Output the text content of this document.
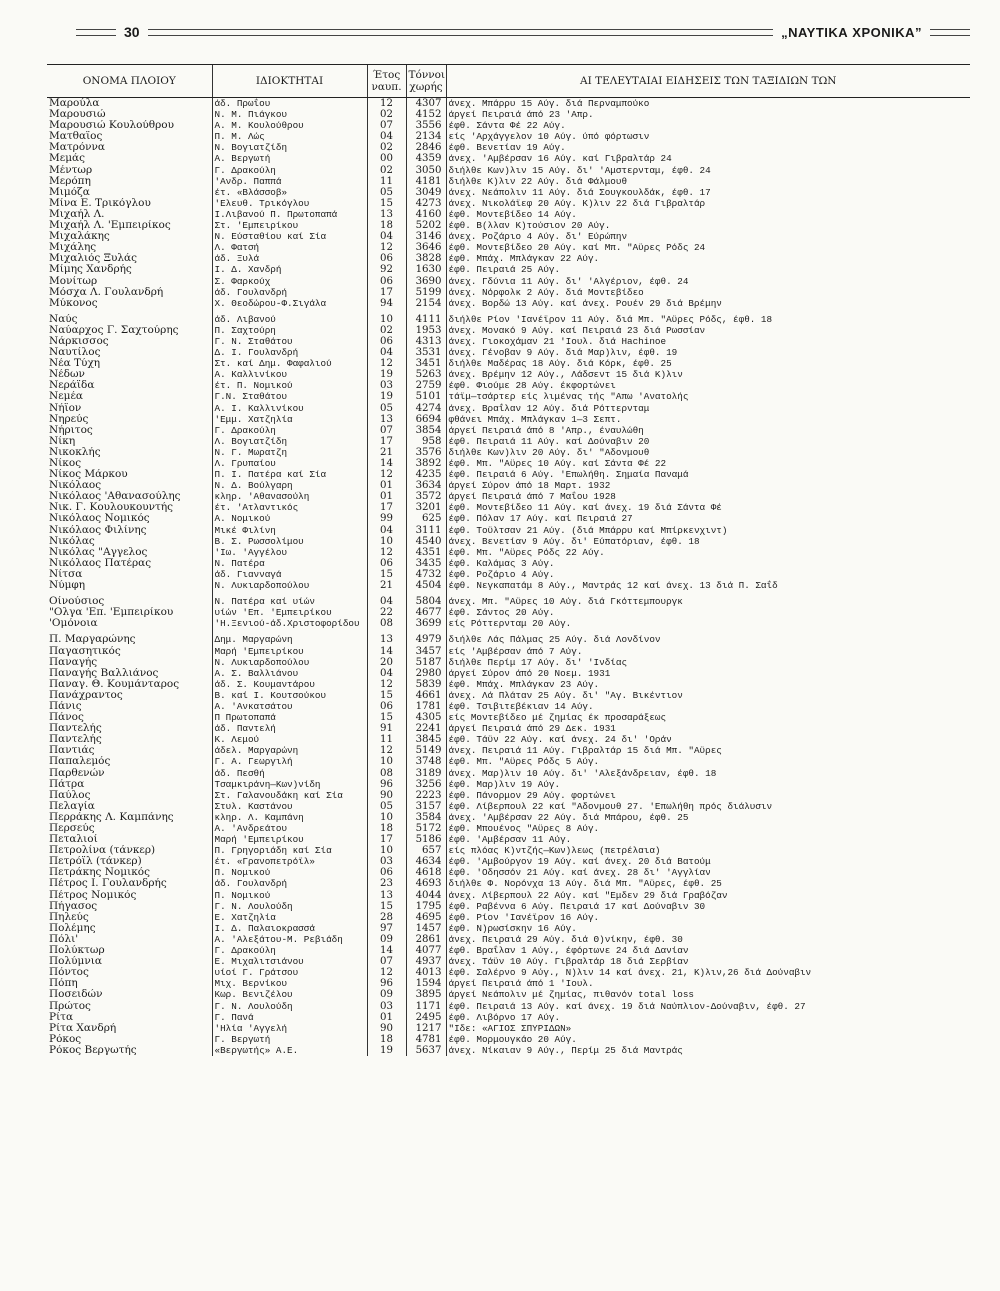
30	„ΝΑΥΤΙΚΑ ΧΡΟΝΙΚΑ”
ΟΝΟΜΑ ΠΛΟΙΟΥ	ΙΔΙΟΚΤΗΤΑΙ	Έτος
ναυπ.	Τόννοι
χωρής	ΑΙ ΤΕΛΕΥΤΑΙΑΙ ΕΙΔΗΣΕΙΣ ΤΩΝ ΤΑΞΙΔΙΩΝ ΤΩΝ
Μαρούλα	άδ. Πρωΐου	12	4307	άνεχ. Μπάρρυ 15 Αύγ. διά Περναμπούκο
Μαρουσιώ	Ν. Μ. Πιάγκου	02	4152	άργεί Πειραιά άπό 23 'Απρ.
Μαρουσιώ Κουλούθρου	Α. Μ. Κουλούθρου	07	3556	έφθ. Σάντα Φέ 22 Αύγ.
Ματθαΐος	Π. Μ. Λώς	04	2134	είς 'Αρχάγγελον 10 Αύγ. ύπό φόρτωσιν
Ματρόννα	Ν. Βογιατζίδη	02	2846	έφθ. Βενετίαν 19 Αύγ.
Μεμάς	Α. Βεργωτή	00	4359	άνεχ. 'Αμβέρσαν 16 Αύγ. καί Γιβραλτάρ 24
Μέντωρ	Γ. Δρακούλη	02	3050	διήλθε Κων)λιν 15 Αύγ. δι' 'Αμστερνταμ, έφθ. 24
Μερόπη	'Ανδρ. Παππά	11	4181	διήλθε Κ)λιν 22 Αύγ. διά Φάλμουθ
Μιμόζα	έτ. «Βλάσσοβ»	05	3049	άνεχ. Νεάπολιν 11 Αύγ. διά Σουγκουλδάκ, έφθ. 17
Μίνα Ε. Τρικόγλου	'Ελευθ. Τρικόγλου	15	4273	άνεχ. Νικολάϊεφ 20 Αύγ. Κ)λιν 22 διά Γιβραλτάρ
Μιχαήλ Λ.	Ι.Λιβανού Π. Πρωτοπαπά	13	4160	έφθ. Μοντεβίδεο 14 Αύγ.
Μιχαήλ Λ. 'Εμπειρίκος	Στ. 'Εμπειρίκου	18	5202	έφθ. Β(λλαν Κ)τούσιον 20 Αύγ.
Μιχαλάκης	Ν. Εύσταθίου καί Σία	04	3146	άνεχ. Ροζάριο 4 Αύγ. δι' Εύρώπην
Μιχάλης	Λ. Φατσή	12	3646	έφθ. Μοντεβίδεο 20 Αύγ. καί Μπ. "Αϋρες Ρόδς 24
Μιχαλιός Ξυλάς	άδ. Ξυλά	06	3828	έφθ. Μπάχ. Μπλάγκαν 22 Αύγ.
Μίμης Χανδρής	Ι. Δ. Χανδρή	92	1630	έφθ. Πειραιά 25 Αύγ.
Μονίτωρ	Σ. Φαρκούχ	06	3690	άνεχ. Γδύνια 11 Αύγ. δι' 'Αλγέριον, έφθ. 24
Μόσχα Λ. Γουλανδρή	άδ. Γουλανδρή	17	5199	άνεχ. Νόρφολκ 2 Αύγ. διά Μοντεβίδεο
Μύκονος	Χ. Θεοδώρου-Φ.Σιγάλα	94	2154	άνεχ. Βορδώ 13 Αύγ. καί άνεχ. Ρουέν 29 διά Βρέμην

Ναύς	άδ. Λιβανού	10	4111	διήλθε Ρίον 'Ιανέϊρον 11 Αύγ. διά Μπ. "Αϋρες Ρόδς, έφθ. 18
Ναύαρχος Γ. Σαχτούρης	Π. Σαχτούρη	02	1953	άνεχ. Μονακό 9 Αύγ. καί Πειραιά 23 διά Ρωσσίαν
Νάρκισσος	Γ. Ν. Σταθάτου	06	4313	άνεχ. Γιοκοχάμαν 21 'Ιουλ. διά Hachinoe
Ναυτίλος	Δ. Ι. Γουλανδρή	04	3531	άνεχ. Γένοβαν 9 Αύγ. διά Μαρ)λιν, έφθ. 19
Νέα Τύχη	Στ. καί Δημ. Φαφαλιού	12	3451	διήλθε Μαδέρας 18 Αύγ. διά Κόρκ, έφθ. 25
Νέδων	Α. Καλλινίκου	19	5263	άνεχ. Βρέμην 12 Αύγ., Λάδσεντ 15 διά Κ)λιν
Νεράϊδα	έτ. Π. Νομικού	03	2759	έφθ. Φιούμε 28 Αύγ. έκφορτώνει
Νεμέα	Γ.Ν. Σταθάτου	19	5101	τάϊμ—τσάρτερ είς λιμένας τής "Απω 'Ανατολής
Νήϊον	Α. Ι. Καλλινίκου	05	4274	άνεχ. Βραΐλαν 12 Αύγ. διά Ρόττερνταμ
Νηρεύς	'Εμμ. Χατζηλία	13	6694	φθάνει Μπάχ. Μπλάγκαν 1—3 Σεπτ.
Νήριτος	Γ. Δρακούλη	07	3854	άργεί Πειραιά άπό 8 'Απρ., έναυλώθη
Νίκη	Λ. Βογιατζίδη	17	958	έφθ. Πειραιά 11 Αύγ. καί Δούναβιν 20
Νικοκλής	Ν. Γ. Μωρατζη	21	3576	διήλθε Κων)λιν 20 Αύγ. δι' "Αδονμουθ
Νίκος	Λ. Γρυπαίου	14	3892	έφθ. Μπ. "Αϋρες 10 Αύγ. καί Σάντα Φέ 22
Νίκος Μάρκου	Π. Ι. Πατέρα καί Σία	12	4235	έφθ. Πειραιά 6 Αύγ. 'Επωλήθη. Σημαία Παναμά
Νικόλαος	Ν. Δ. Βούλγαρη	01	3634	άργεί Σύρον άπό 18 Μαρτ. 1932
Νικόλαος 'Αθανασούλης	κληρ. 'Αθανασούλη	01	3572	άργεί Πειραιά άπό 7 Μαΐου 1928
Νικ. Γ. Κουλουκουντής	έτ. 'Ατλαντικός	17	3201	έφθ. Μοντεβίδεο 11 Αύγ. καί άνεχ. 19 διά Σάντα Φέ
Νικόλαος Νομικός	Α. Νομικού	99	625	έφθ. Πόλαν 17 Αύγ. καί Πειραιά 27
Νικόλαος Φιλίνης	Μικέ Φιλίνη	04	3111	έφθ. Τοϋλτσαν 21 Αύγ. (διά Μπάρρυ καί Μπίρκενχιντ)
Νικόλας	Β. Σ. Ρωσσολίμου	10	4540	άνεχ. Βενετίαν 9 Αύγ. δι' Εύπατόριαν, έφθ. 18
Νικόλας "Αγγελος	'Ιω. 'Αγγέλου	12	4351	έφθ. Μπ. "Αϋρες Ρόδς 22 Αύγ.
Νικόλαος Πατέρας	Ν. Πατέρα	06	3435	έφθ. Καλάμας 3 Αύγ.
Νίτσα	άδ. Γιανναγά	15	4732	έφθ. Ροζάριο 4 Αύγ.
Νύμφη	Ν. Λυκιαρδοπούλου	21	4504	έφθ. Νεγκαπατάμ 8 Αύγ., Μαντράς 12 καί άνεχ. 13 διά Π. Σαΐδ

Οίνούσιος	Ν. Πατέρα καί υίών	04	5804	άνεχ. Μπ. "Αϋρες 10 Αύγ. διά Γκόττεμπουργκ
"Ολγα 'Επ. 'Εμπειρίκου	υίών 'Επ. 'Εμπειρίκου	22	4677	έφθ. Σάντος 20 Αύγ.
'Ομόνοια	'Η.Ξενιού-άδ.Χριστοφορίδου	08	3699	είς Ρόττερνταμ 20 Αύγ.

Π. Μαργαρώνης	Δημ. Μαργαρώνη	13	4979	διήλθε Λάς Πάλμας 25 Αύγ. διά Λονδίνον
Παγασητικός	Μαρή 'Εμπειρίκου	14	3457	είς 'Αμβέρσαν άπό 7 Αύγ.
Παναγής	Ν. Λυκιαρδοπούλου	20	5187	διήλθε Περίμ 17 Αύγ. δι' 'Ινδίας
Παναγής Βαλλιάνος	Α. Σ. Βαλλιάνου	04	2980	άργεί Σύρον άπό 20 Νοεμ. 1931
Παναγ. Θ. Κουμάνταρος	άδ. Σ. Κουμαντάρου	12	5839	έφθ. Μπάχ. Μπλάγκαν 23 Αύγ.
Πανάχραντος	Β. καί Ι. Κουτσούκου	15	4661	άνεχ. Λά Πλάταν 25 Αύγ. δι' "Αγ. Βικέντιον
Πάνις	Α. 'Ανκατσάτου	06	1781	έφθ. Τσιβιτεβέκιαν 14 Αύγ.
Πάνος	Π Πρωτοπαπά	15	4305	είς Μοντεβίδεο μέ ζημίας έκ προσαράξεως
Παντελής	άδ. Παντελή	91	2241	άργεί Πειραιά άπό 29 Δεκ. 1931
Παντελής	Κ. Λεμού	11	3845	έφθ. Τάϋν 22 Αύγ. καί άνεχ. 24 δι' 'Οράν
Παντιάς	άδελ. Μαργαρώνη	12	5149	άνεχ. Πειραιά 11 Αύγ. Γιβραλτάρ 15 διά Μπ. "Αϋρες
Παπαλεμός	Γ. Α. Γεωργιλή	10	3748	έφθ. Μπ. "Αϋρες Ρόδς 5 Αύγ.
Παρθενών	άδ. Πεσθή	08	3189	άνεχ. Μαρ)λιν 10 Αύγ. δι' 'Αλεξάνδρειαν, έφθ. 18
Πάτρα	Τσαμκιράνη—Κων)νίδη	96	3256	έφθ. Μαρ)λιν 19 Αύγ.
Παύλος	Στ. Γαλανουδάκη καί Σία	90	2223	έφθ. Πάνορμον 29 Αύγ. φορτώνει
Πελαγία	Στυλ. Καστάνου	05	3157	έφθ. Λίβερπουλ 22 καί "Αδονμουθ 27. 'Επωλήθη πρός διάλυσιν
Περράκης Λ. Καμπάνης	κληρ. Λ. Καμπάνη	10	3584	άνεχ. 'Αμβέρσαν 22 Αύγ. διά Μπάρου, έφθ. 25
Περσεύς	Α. 'Ανδρεάτου	18	5172	έφθ. Μπουένος "Αϋρες 8 Αύγ.
Πεταλιοί	Μαρή 'Εμπειρίκου	17	5186	έφθ. 'Αμβέρσαν 11 Αύγ.
Πετρολίνα (τάνκερ)	Π. Γρηγοριάδη καί Σία	10	657	είς πλόας Κ)ντζής—Κων)λεως (πετρέλαια)
Πετρόϊλ (τάνκερ)	έτ. «Γρανοπετρόϊλ»	03	4634	έφθ. 'Αμβούργον 19 Αύγ. καί άνεχ. 20 διά Βατούμ
Πετράκης Νομικός	Π. Νομικού	06	4618	έφθ. 'Οδησσόν 21 Αύγ. καί άνεχ. 28 δι' 'Αγγλίαν
Πέτρος Ι. Γουλανδρής	άδ. Γουλανδρή	23	4693	διήλθε Φ. Νορόνχα 13 Αύγ. διά Μπ. "Αϋρες, έφθ. 25
Πέτρος Νομικός	Π. Νομικού	13	4044	άνεχ. Λίβερπουλ 22 Αύγ. καί "Εμδεν 29 διά Γραβόζαν
Πήγασος	Γ. Ν. Λουλούδη	15	1795	έφθ. Ραβέννα 6 Αύγ. Πειραιά 17 καί Δούναβιν 30
Πηλεύς	Ε. Χατζηλία	28	4695	έφθ. Ρίον 'Ιανέϊρον 16 Αύγ.
Πολέμης	Ι. Δ. Παλαιοκρασσά	97	1457	έφθ. Ν)ρωσίσκην 16 Αύγ.
Πόλι'	Α. 'Αλεξάτου-Μ. Ρεβιάδη	09	2861	άνεχ. Πειραιά 29 Αύγ. διά Θ)νίκην, έφθ. 30
Πολύκτωρ	Γ. Δρακούλη	14	4077	έφθ. Βραΐλαν 1 Αύγ., έφόρτωνε 24 διά Δανίαν
Πολύμνια	Ε. Μιχαλιτσιάνου	07	4937	άνεχ. Τάϋν 10 Αύγ. Γιβραλτάρ 18 διά Σερβίαν
Πόντος	υίοί Γ. Γράτσου	12	4013	έφθ. Σαλέρνο 9 Αύγ., Ν)λιν 14 καί άνεχ. 21, Κ)λιν,26 διά Δούναβιν
Πόπη	Μιχ. Βερνίκου	96	1594	άργεί Πειραιά άπό 1 'Ιουλ.
Ποσειδών	Κωρ. Βενιζέλου	09	3895	άργεί Νεάπολιν μέ ζημίας, πιθανόν total loss
Πρώτος	Γ. Ν. Λουλούδη	03	1171	έφθ. Πειραιά 13 Αύγ. καί άνεχ. 19 διά Ναύπλιον-Δούναβιν, έφθ. 27
Ρίτα	Γ. Πανά	01	2495	έφθ. Λιβόρνο 17 Αύγ.
Ρίτα Χανδρή	'Ηλία 'Αγγελή	90	1217	"Ιδε: «ΑΓΙΟΣ ΣΠΥΡΙΔΩΝ»
Ρόκος	Γ. Βεργωτή	18	4781	έφθ. Μορμουγκάο 20 Αύγ.
Ρόκος Βεργωτής	«Βεργωτής» Α.Ε.	19	5637	άνεχ. Νίκαιαν 9 Αύγ., Περίμ 25 διά Μαντράς
